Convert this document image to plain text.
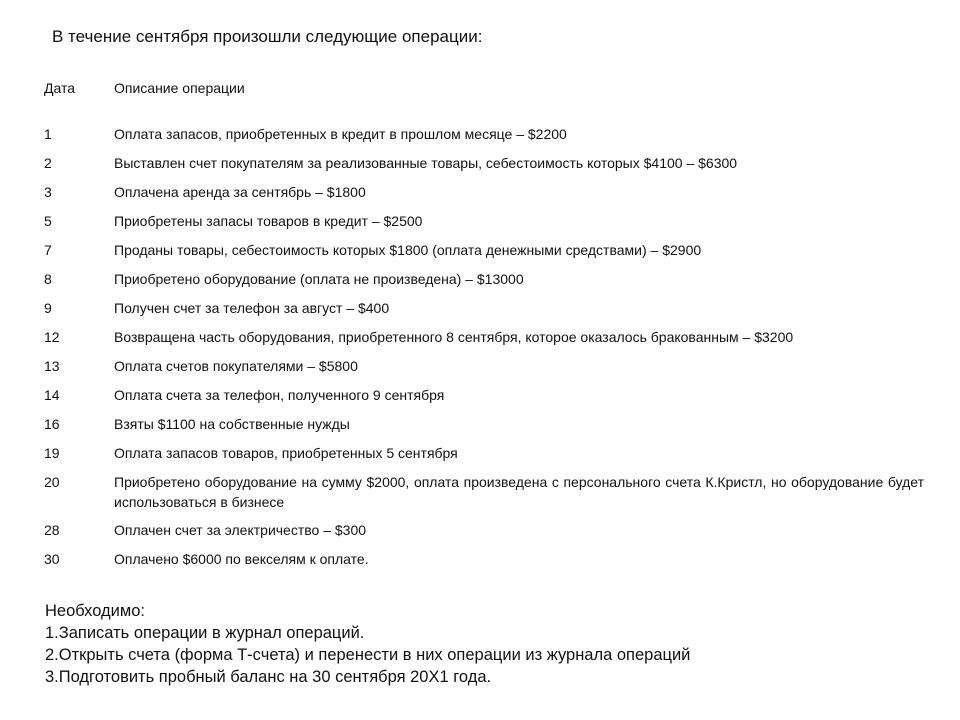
В течение сентября произошли следующие операции:
Дата	Описание операции
1	Оплата запасов, приобретенных в кредит в прошлом месяце – $2200
2	Выставлен счет покупателям за реализованные товары, себестоимость которых $4100 – $6300
3	Оплачена аренда за сентябрь – $1800
5	Приобретены запасы товаров в кредит – $2500
7	Проданы товары, себестоимость которых $1800 (оплата денежными средствами) – $2900
8	Приобретено оборудование (оплата не произведена) – $13000
9	Получен счет за телефон за август – $400
12	Возвращена часть оборудования, приобретенного 8 сентября, которое оказалось бракованным – $3200
13	Оплата счетов покупателями – $5800
14	Оплата счета за телефон, полученного 9 сентября
16	Взяты $1100 на собственные нужды
19	Оплата запасов товаров, приобретенных 5 сентября
20	Приобретено оборудование на сумму $2000, оплата произведена с персонального счета К.Кристл, но оборудование будет использоваться в бизнесе
28	Оплачен счет за электричество – $300
30	Оплачено $6000 по векселям к оплате.
Необходимо:
1.Записать операции в журнал операций.
2.Открыть счета (форма Т-счета) и перенести в них операции из журнала операций
3.Подготовить пробный баланс на 30 сентября 20Х1 года.
